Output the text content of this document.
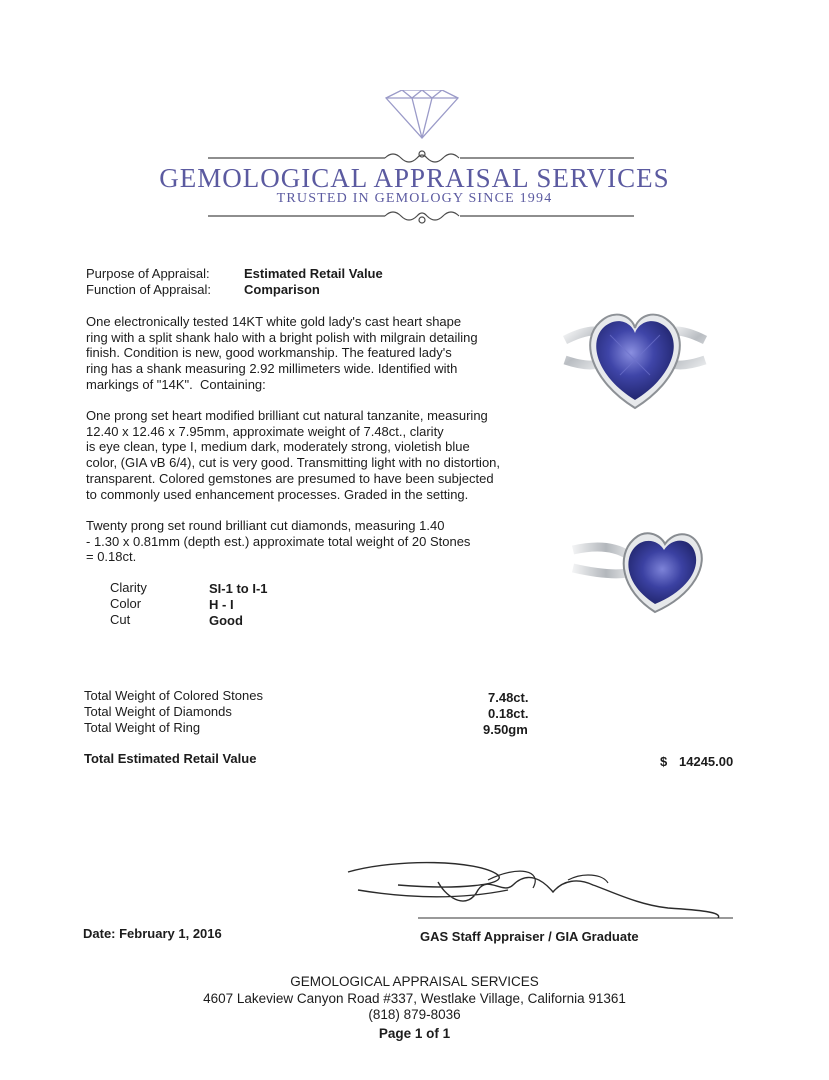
GEMOLOGICAL APPRAISAL SERVICES
TRUSTED IN GEMOLOGY SINCE 1994
Purpose of Appraisal:	Estimated Retail Value
Function of Appraisal:	Comparison
One electronically tested 14KT white gold lady's cast heart shape
ring with a split shank halo with a bright polish with milgrain detailing
finish. Condition is new, good workmanship. The featured lady's
ring has a shank measuring 2.92 millimeters wide. Identified with
markings of "14K".  Containing:
One prong set heart modified brilliant cut natural tanzanite, measuring
12.40 x 12.46 x 7.95mm, approximate weight of 7.48ct., clarity
is eye clean, type I, medium dark, moderately strong, violetish blue
color, (GIA vB 6/4), cut is very good. Transmitting light with no distortion,
transparent. Colored gemstones are presumed to have been subjected
to commonly used enhancement processes. Graded in the setting.
Twenty prong set round brilliant cut diamonds, measuring 1.40
- 1.30 x 0.81mm (depth est.) approximate total weight of 20 Stones
= 0.18ct.
Clarity	SI-1 to I-1
Color	H - I
Cut	Good
Total Weight of Colored Stones	7.48ct.
Total Weight of Diamonds	0.18ct.
Total Weight of Ring	9.50gm
Total Estimated Retail Value	$ 14245.00
Date: February 1, 2016	GAS Staff Appraiser / GIA Graduate
GEMOLOGICAL APPRAISAL SERVICES
4607 Lakeview Canyon Road #337, Westlake Village, California 91361
(818) 879-8036
Page 1 of 1
